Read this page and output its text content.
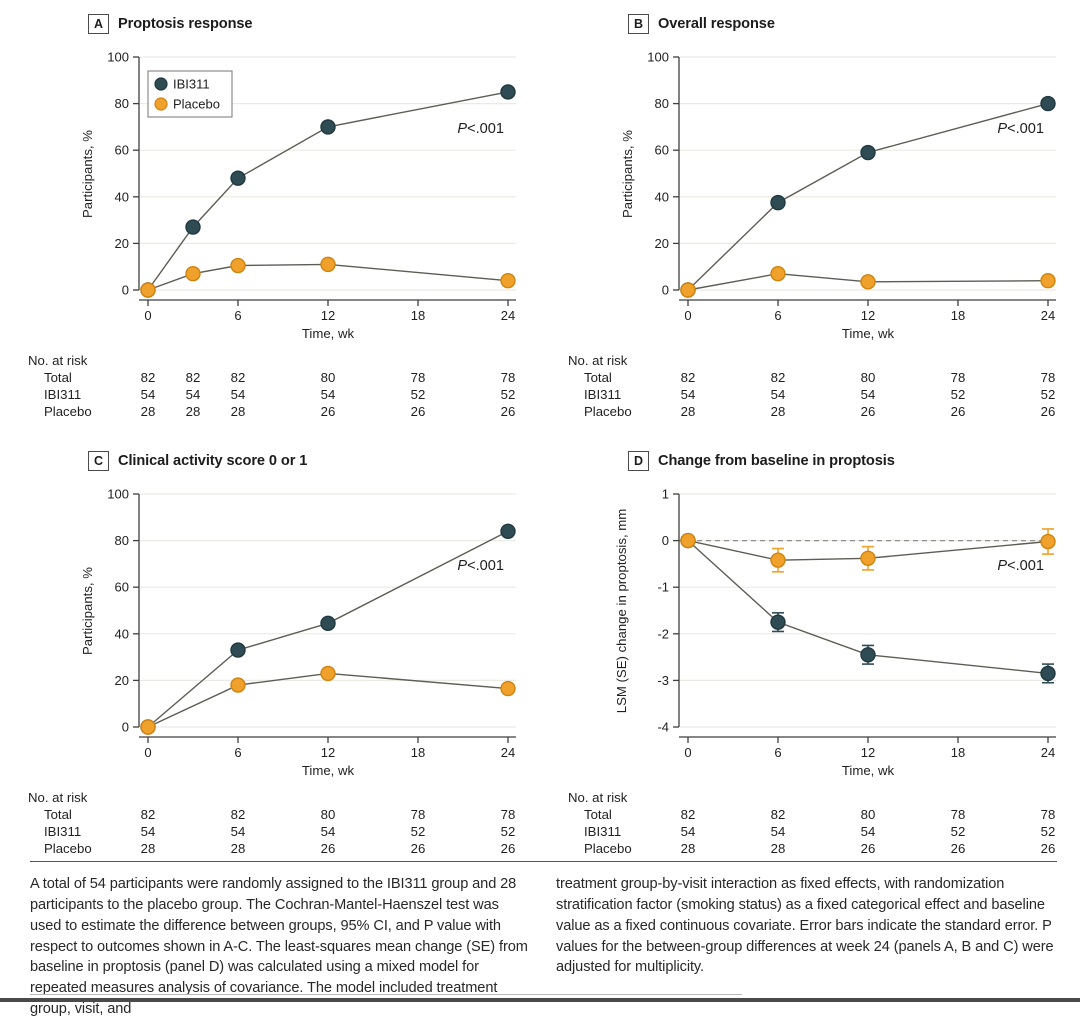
A	Proptosis response
0
20
40
60
80
100
0	6	12	18	24
Time, wk
Participants, %
IBI311
Placebo
P<.001
No. at risk
Total	82 82 82	80	78	78
IBI311	54 54 54	54	52	52
Placebo	28 28 28	26	26	26
B	Overall response
0
20
40
60
80
100
0	6	12	18	24
Time, wk
Participants, %
P<.001
No. at risk
Total	82	82	80	78	78
IBI311	54	54	54	52	52
Placebo	28	28	26	26	26
C	Clinical activity score 0 or 1
0
20
40
60
80
100
0	6	12	18	24
Time, wk
Participants, %
P<.001
No. at risk
Total	82	82	80	78	78
IBI311	54	54	54	52	52
Placebo	28	28	26	26	26
D	Change from baseline in proptosis
1
0
-1
-2
-3
-4
0	6	12	18	24
Time, wk
LSM (SE) change in proptosis, mm	P<.001
No. at risk
Total	82	82	80	78	78
IBI311	54	54	54	52	52
Placebo	28	28	26	26	26
A total of 54 participants were randomly assigned to the IBI311 group and 28 participants to the placebo group. The Cochran-Mantel-Haenszel test was used to estimate the difference between groups, 95% CI, and P value with respect to outcomes shown in A-C. The least-squares mean change (SE) from baseline in proptosis (panel D) was calculated using a mixed model for repeated measures analysis of covariance. The model included treatment group, visit, and
treatment group-by-visit interaction as fixed effects, with randomization stratification factor (smoking status) as a fixed categorical effect and baseline value as a fixed continuous covariate. Error bars indicate the standard error. P values for the between-group differences at week 24 (panels A, B and C) were adjusted for multiplicity.
